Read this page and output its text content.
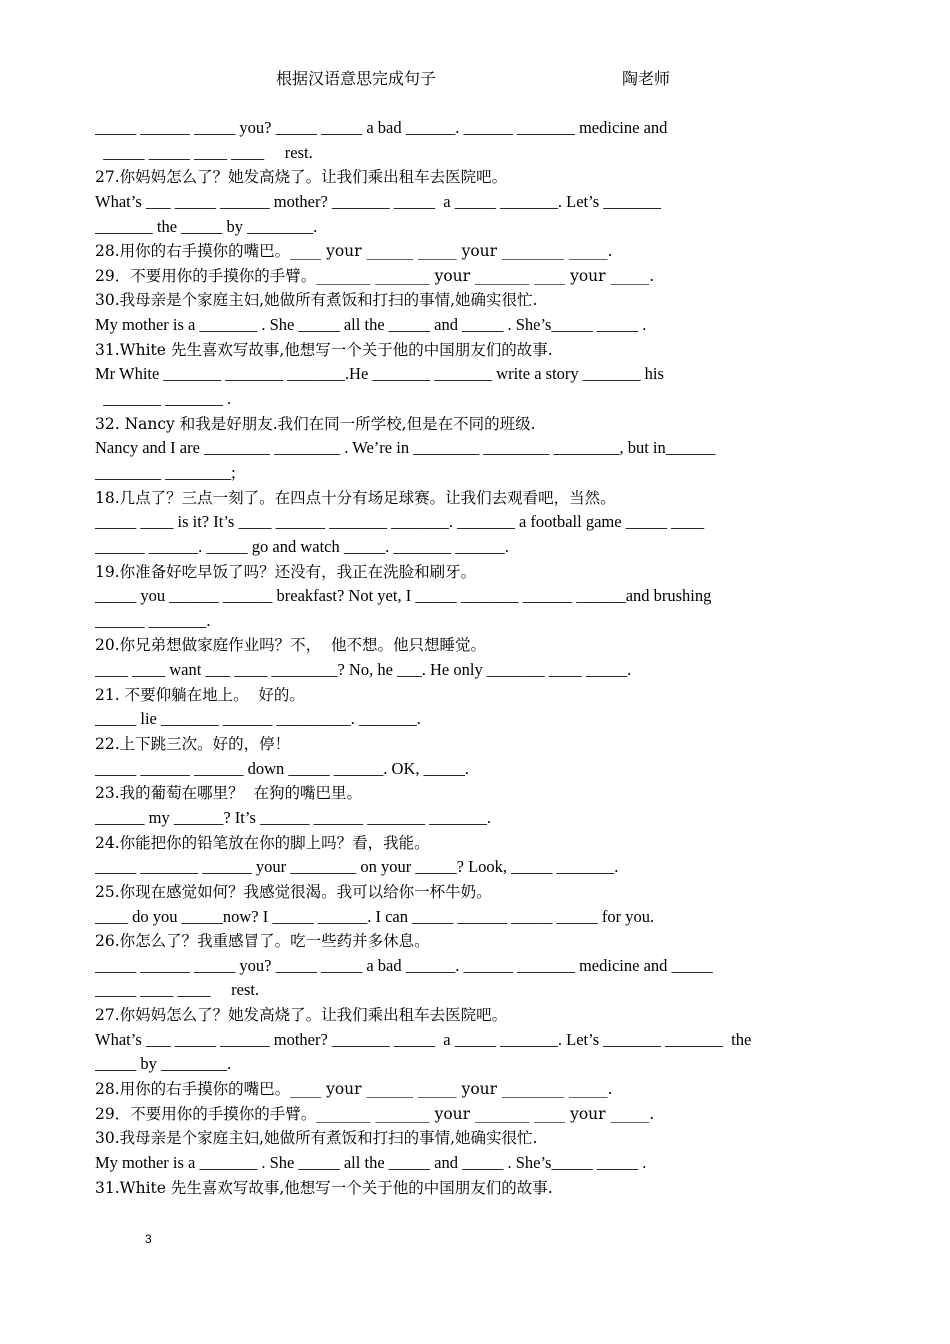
根据汉语意思完成句子	陶老师
_____ ______ _____ you? _____ _____ a bad ______. ______ _______ medicine and
_____ _____ ____ ____     rest.
27.你妈妈怎么了？她发高烧了。让我们乘出租车去医院吧。
What’s ___ _____ ______ mother? _______ _____  a _____ _______. Let’s _______
_______ the _____ by ________.
28.用你的右手摸你的嘴巴。____ your ______ _____ your ________ _____.
29．不要用你的手摸你的手臂。_______ _______ your _______ ____ your _____.
30.我母亲是个家庭主妇,她做所有煮饭和打扫的事情,她确实很忙.
My mother is a _______ . She _____ all the _____ and _____ . She’s_____ _____ .
31.White 先生喜欢写故事,他想写一个关于他的中国朋友们的故事.
Mr White _______ _______ _______.He _______ _______ write a story _______ his
_______ _______ .
32. Nancy 和我是好朋友.我们在同一所学校,但是在不同的班级.
Nancy and I are ________ ________ . We’re in ________ ________ ________, but in______
________ ________;
18.几点了？三点一刻了。在四点十分有场足球赛。让我们去观看吧，当然。
_____ ____ is it? It’s ____ ______ _______ _______. _______ a football game _____ ____
______ ______. _____ go and watch _____. _______ ______.
19.你准备好吃早饭了吗？还没有，我正在洗脸和刷牙。
_____ you ______ ______ breakfast? Not yet, I _____ _______ ______ ______and brushing
______ _______.
20.你兄弟想做家庭作业吗？不，  他不想。他只想睡觉。
____ ____ want ___ ____ ________? No, he ___. He only _______ ____ _____.
21. 不要仰躺在地上。  好的。
_____ lie _______ ______ _________. _______.
22.上下跳三次。好的，停！
_____ ______ ______ down _____ ______. OK, _____.
23.我的葡萄在哪里？  在狗的嘴巴里。
______ my ______? It’s ______ ______ _______ _______.
24.你能把你的铅笔放在你的脚上吗？看，我能。
_____ _______ ______ your ________ on your _____? Look, _____ _______.
25.你现在感觉如何？我感觉很渴。我可以给你一杯牛奶。
____ do you _____now? I _____ ______. I can _____ ______ _____ _____ for you.
26.你怎么了？我重感冒了。吃一些药并多休息。
_____ ______ _____ you? _____ _____ a bad ______. ______ _______ medicine and _____
_____ ____ ____     rest.
27.你妈妈怎么了？她发高烧了。让我们乘出租车去医院吧。
What’s ___ _____ ______ mother? _______ _____  a _____ _______. Let’s _______ _______  the
_____ by ________.
28.用你的右手摸你的嘴巴。____ your ______ _____ your ________ _____.
29．不要用你的手摸你的手臂。_______ _______ your _______ ____ your _____.
30.我母亲是个家庭主妇,她做所有煮饭和打扫的事情,她确实很忙.
My mother is a _______ . She _____ all the _____ and _____ . She’s_____ _____ .
31.White 先生喜欢写故事,他想写一个关于他的中国朋友们的故事.
3
